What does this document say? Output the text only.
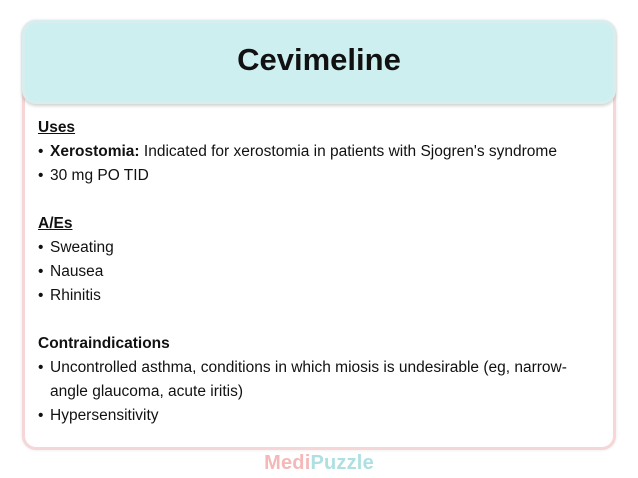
Cevimeline
Uses
• Xerostomia: Indicated for xerostomia in patients with Sjogren's syndrome
• 30 mg PO TID
A/Es
• Sweating
• Nausea
• Rhinitis
Contraindications
• Uncontrolled asthma, conditions in which miosis is undesirable (eg, narrow-angle glaucoma, acute iritis)
• Hypersensitivity
MediPuzzle
